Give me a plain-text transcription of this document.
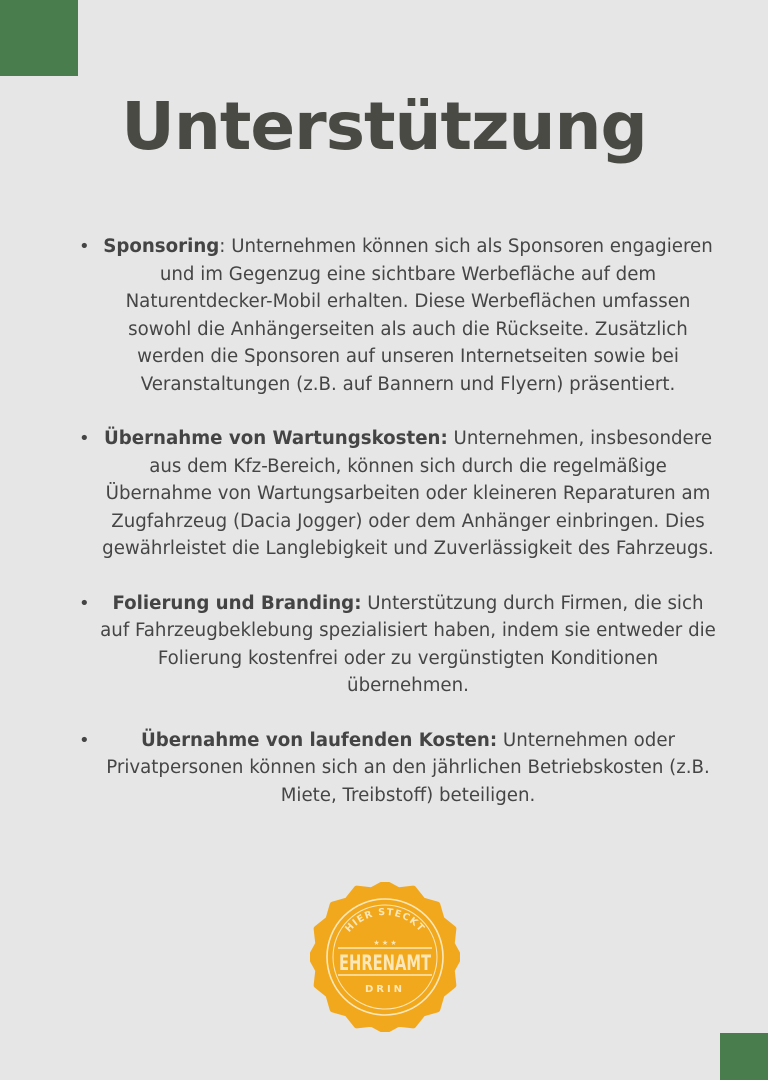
Unterstützung
• Sponsoring: Unternehmen können sich als Sponsoren engagieren und im Gegenzug eine sichtbare Werbefläche auf dem Naturentdecker-Mobil erhalten. Diese Werbeflächen umfassen sowohl die Anhängerseiten als auch die Rückseite. Zusätzlich werden die Sponsoren auf unseren Internetseiten sowie bei Veranstaltungen (z.B. auf Bannern und Flyern) präsentiert.
• Übernahme von Wartungskosten: Unternehmen, insbesondere aus dem Kfz-Bereich, können sich durch die regelmäßige Übernahme von Wartungsarbeiten oder kleineren Reparaturen am Zugfahrzeug (Dacia Jogger) oder dem Anhänger einbringen. Dies gewährleistet die Langlebigkeit und Zuverlässigkeit des Fahrzeugs.
• Folierung und Branding: Unterstützung durch Firmen, die sich auf Fahrzeugbeklebung spezialisiert haben, indem sie entweder die Folierung kostenfrei oder zu vergünstigten Konditionen übernehmen.
•	Übernahme von laufenden Kosten: Unternehmen oder Privatpersonen können sich an den jährlichen Betriebskosten (z.B. Miete, Treibstoff) beteiligen.
HIER STECKT
★ ★ ★
EHRENAMT
DRIN
